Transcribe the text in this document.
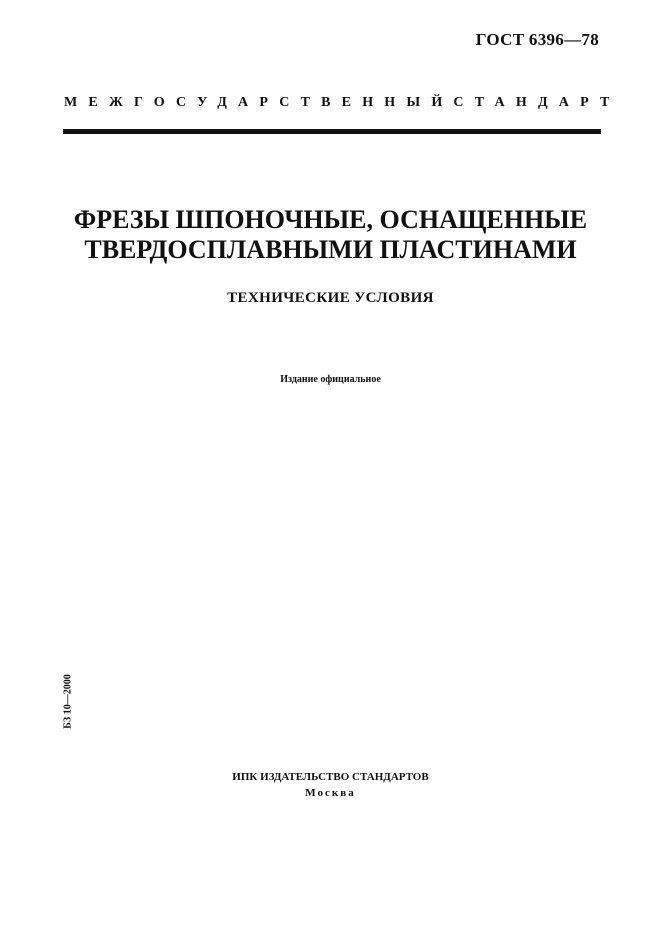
ГОСТ 6396—78
МЕЖГОСУДАРСТВЕННЫЙ СТАНДАРТ
ФРЕЗЫ ШПОНОЧНЫЕ, ОСНАЩЕННЫЕ
ТВЕРДОСПЛАВНЫМИ ПЛАСТИНАМИ
ТЕХНИЧЕСКИЕ УСЛОВИЯ
Издание официальное
БЗ 10—2000
ИПК ИЗДАТЕЛЬСТВО СТАНДАРТОВ
Москва
